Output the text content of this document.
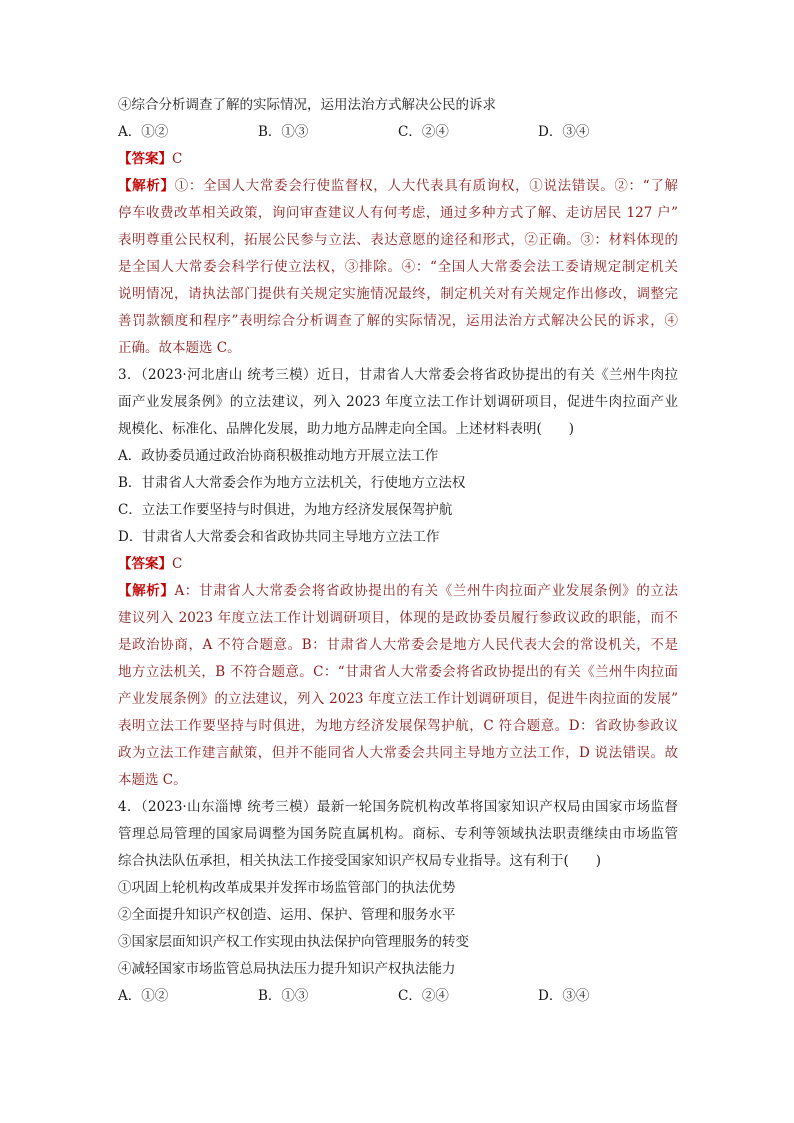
④综合分析调查了解的实际情况，运用法治方式解决公民的诉求
A．①②	B．①③	C．②④	D．③④
【答案】C
【解析】①：全国人大常委会行使监督权，人大代表具有质询权，①说法错误。②：“了解
停车收费改革相关政策，询问审查建议人有何考虑，通过多种方式了解、走访居民 127 户”
表明尊重公民权利，拓展公民参与立法、表达意愿的途径和形式，②正确。③：材料体现的
是全国人大常委会科学行使立法权，③排除。④：“全国人大常委会法工委请规定制定机关
说明情况，请执法部门提供有关规定实施情况最终，制定机关对有关规定作出修改，调整完
善罚款额度和程序”表明综合分析调查了解的实际情况，运用法治方式解决公民的诉求，④
正确。故本题选 C。
3．（2023·河北唐山 统考三模）近日，甘肃省人大常委会将省政协提出的有关《兰州牛肉拉
面产业发展条例》的立法建议，列入 2023 年度立法工作计划调研项目，促进牛肉拉面产业
规模化、标准化、品牌化发展，助力地方品牌走向全国。上述材料表明(　　)
A．政协委员通过政治协商积极推动地方开展立法工作
B．甘肃省人大常委会作为地方立法机关，行使地方立法权
C．立法工作要坚持与时俱进，为地方经济发展保驾护航
D．甘肃省人大常委会和省政协共同主导地方立法工作
【答案】C
【解析】A：甘肃省人大常委会将省政协提出的有关《兰州牛肉拉面产业发展条例》的立法
建议列入 2023 年度立法工作计划调研项目，体现的是政协委员履行参政议政的职能，而不
是政治协商，A 不符合题意。B：甘肃省人大常委会是地方人民代表大会的常设机关，不是
地方立法机关，B 不符合题意。C：“甘肃省人大常委会将省政协提出的有关《兰州牛肉拉面
产业发展条例》的立法建议，列入 2023 年度立法工作计划调研项目，促进牛肉拉面的发展”
表明立法工作要坚持与时俱进，为地方经济发展保驾护航，C 符合题意。D：省政协参政议
政为立法工作建言献策，但并不能同省人大常委会共同主导地方立法工作，D 说法错误。故
本题选 C。
4．（2023·山东淄博 统考三模）最新一轮国务院机构改革将国家知识产权局由国家市场监督
管理总局管理的国家局调整为国务院直属机构。商标、专利等领域执法职责继续由市场监管
综合执法队伍承担，相关执法工作接受国家知识产权局专业指导。这有利于(　　)
①巩固上轮机构改革成果并发挥市场监管部门的执法优势
②全面提升知识产权创造、运用、保护、管理和服务水平
③国家层面知识产权工作实现由执法保护向管理服务的转变
④减轻国家市场监管总局执法压力提升知识产权执法能力
A．①②	B．①③	C．②④	D．③④
